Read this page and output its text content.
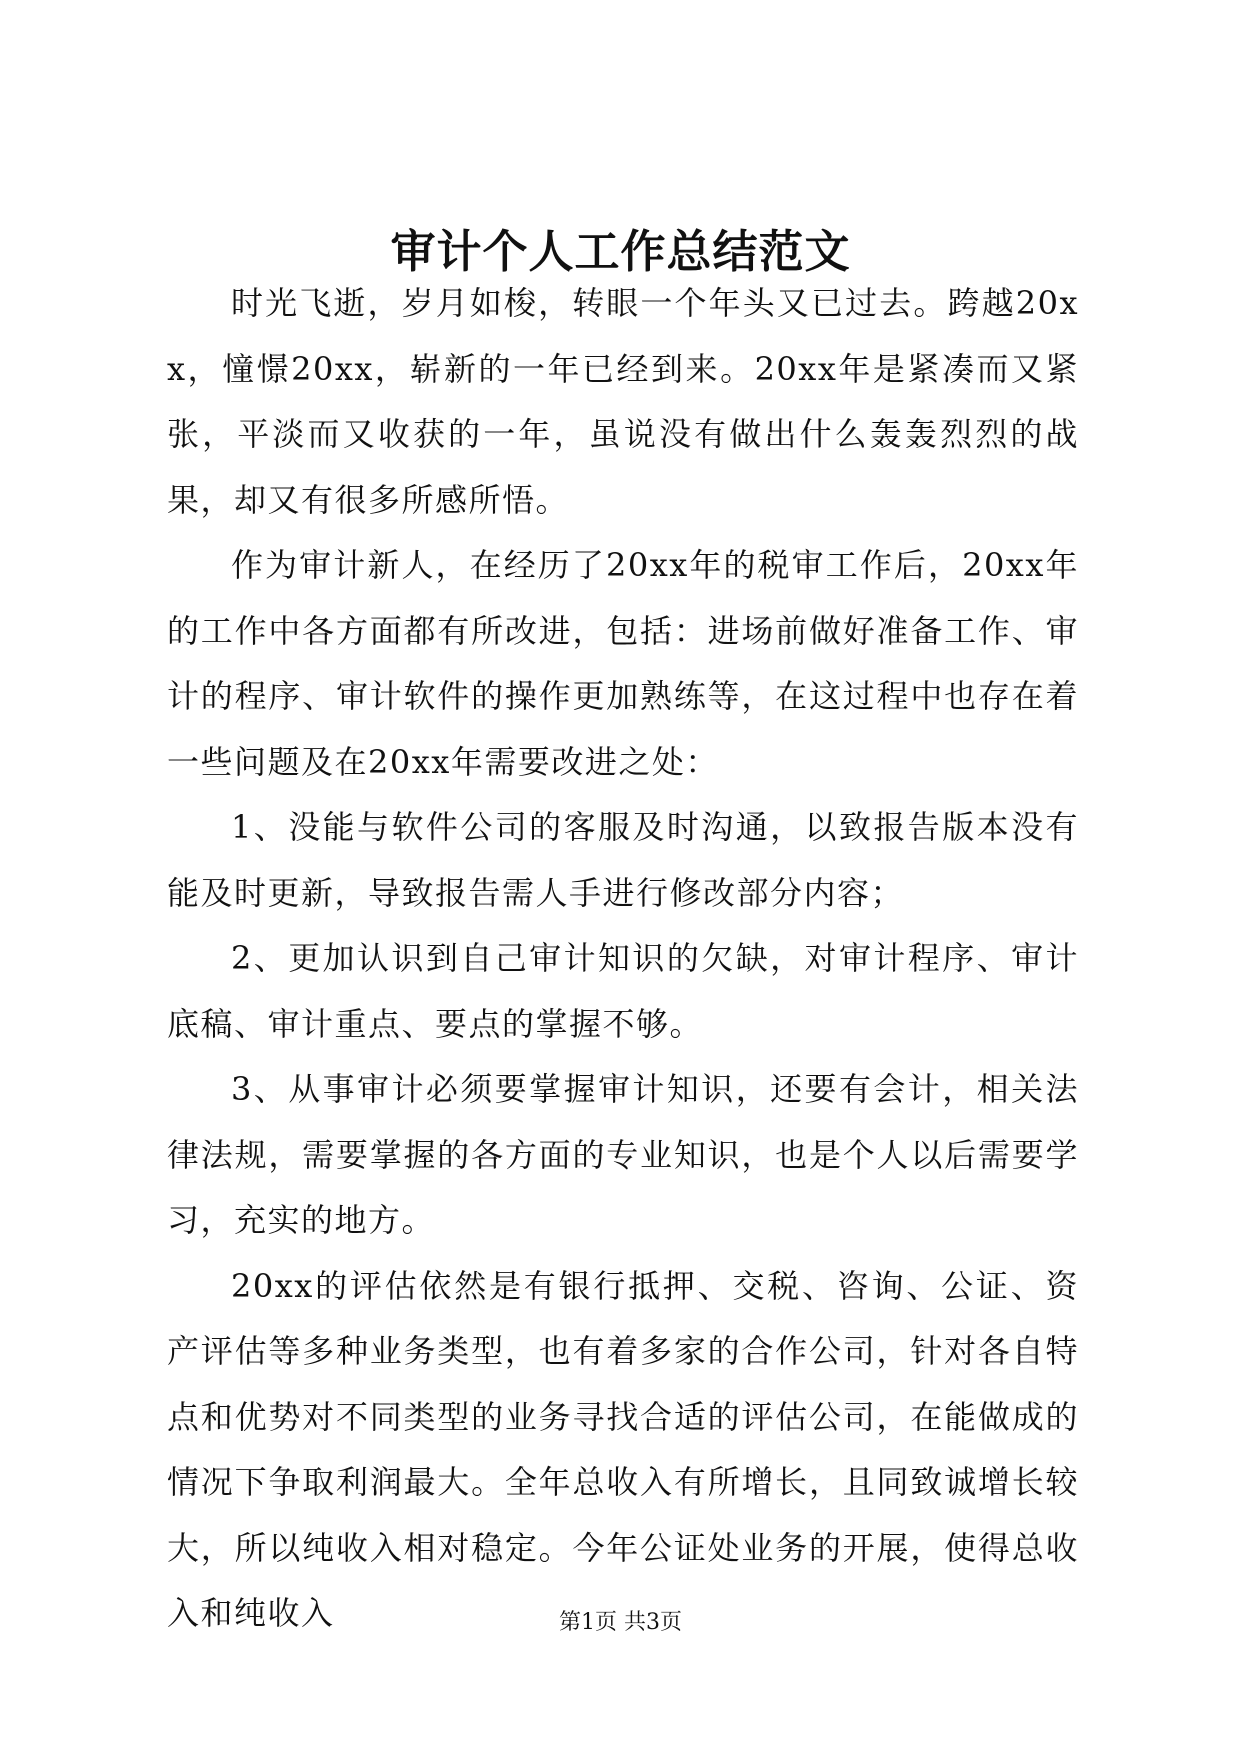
审计个人工作总结范文

时光飞逝，岁月如梭，转眼一个年头又已过去。跨越20xx，憧憬20xx，崭新的一年已经到来。20xx年是紧凑而又紧张，平淡而又收获的一年，虽说没有做出什么轰轰烈烈的战果，却又有很多所感所悟。

作为审计新人，在经历了20xx年的税审工作后，20xx年的工作中各方面都有所改进，包括：进场前做好准备工作、审计的程序、审计软件的操作更加熟练等，在这过程中也存在着一些问题及在20xx年需要改进之处：

1、没能与软件公司的客服及时沟通，以致报告版本没有能及时更新，导致报告需人手进行修改部分内容；

2、更加认识到自己审计知识的欠缺，对审计程序、审计底稿、审计重点、要点的掌握不够。

3、从事审计必须要掌握审计知识，还要有会计，相关法律法规，需要掌握的各方面的专业知识，也是个人以后需要学习，充实的地方。

20xx的评估依然是有银行抵押、交税、咨询、公证、资产评估等多种业务类型，也有着多家的合作公司，针对各自特点和优势对不同类型的业务寻找合适的评估公司，在能做成的情况下争取利润最大。全年总收入有所增长，且同致诚增长较大，所以纯收入相对稳定。今年公证处业务的开展，使得总收入和纯收入	第1页 共3页
